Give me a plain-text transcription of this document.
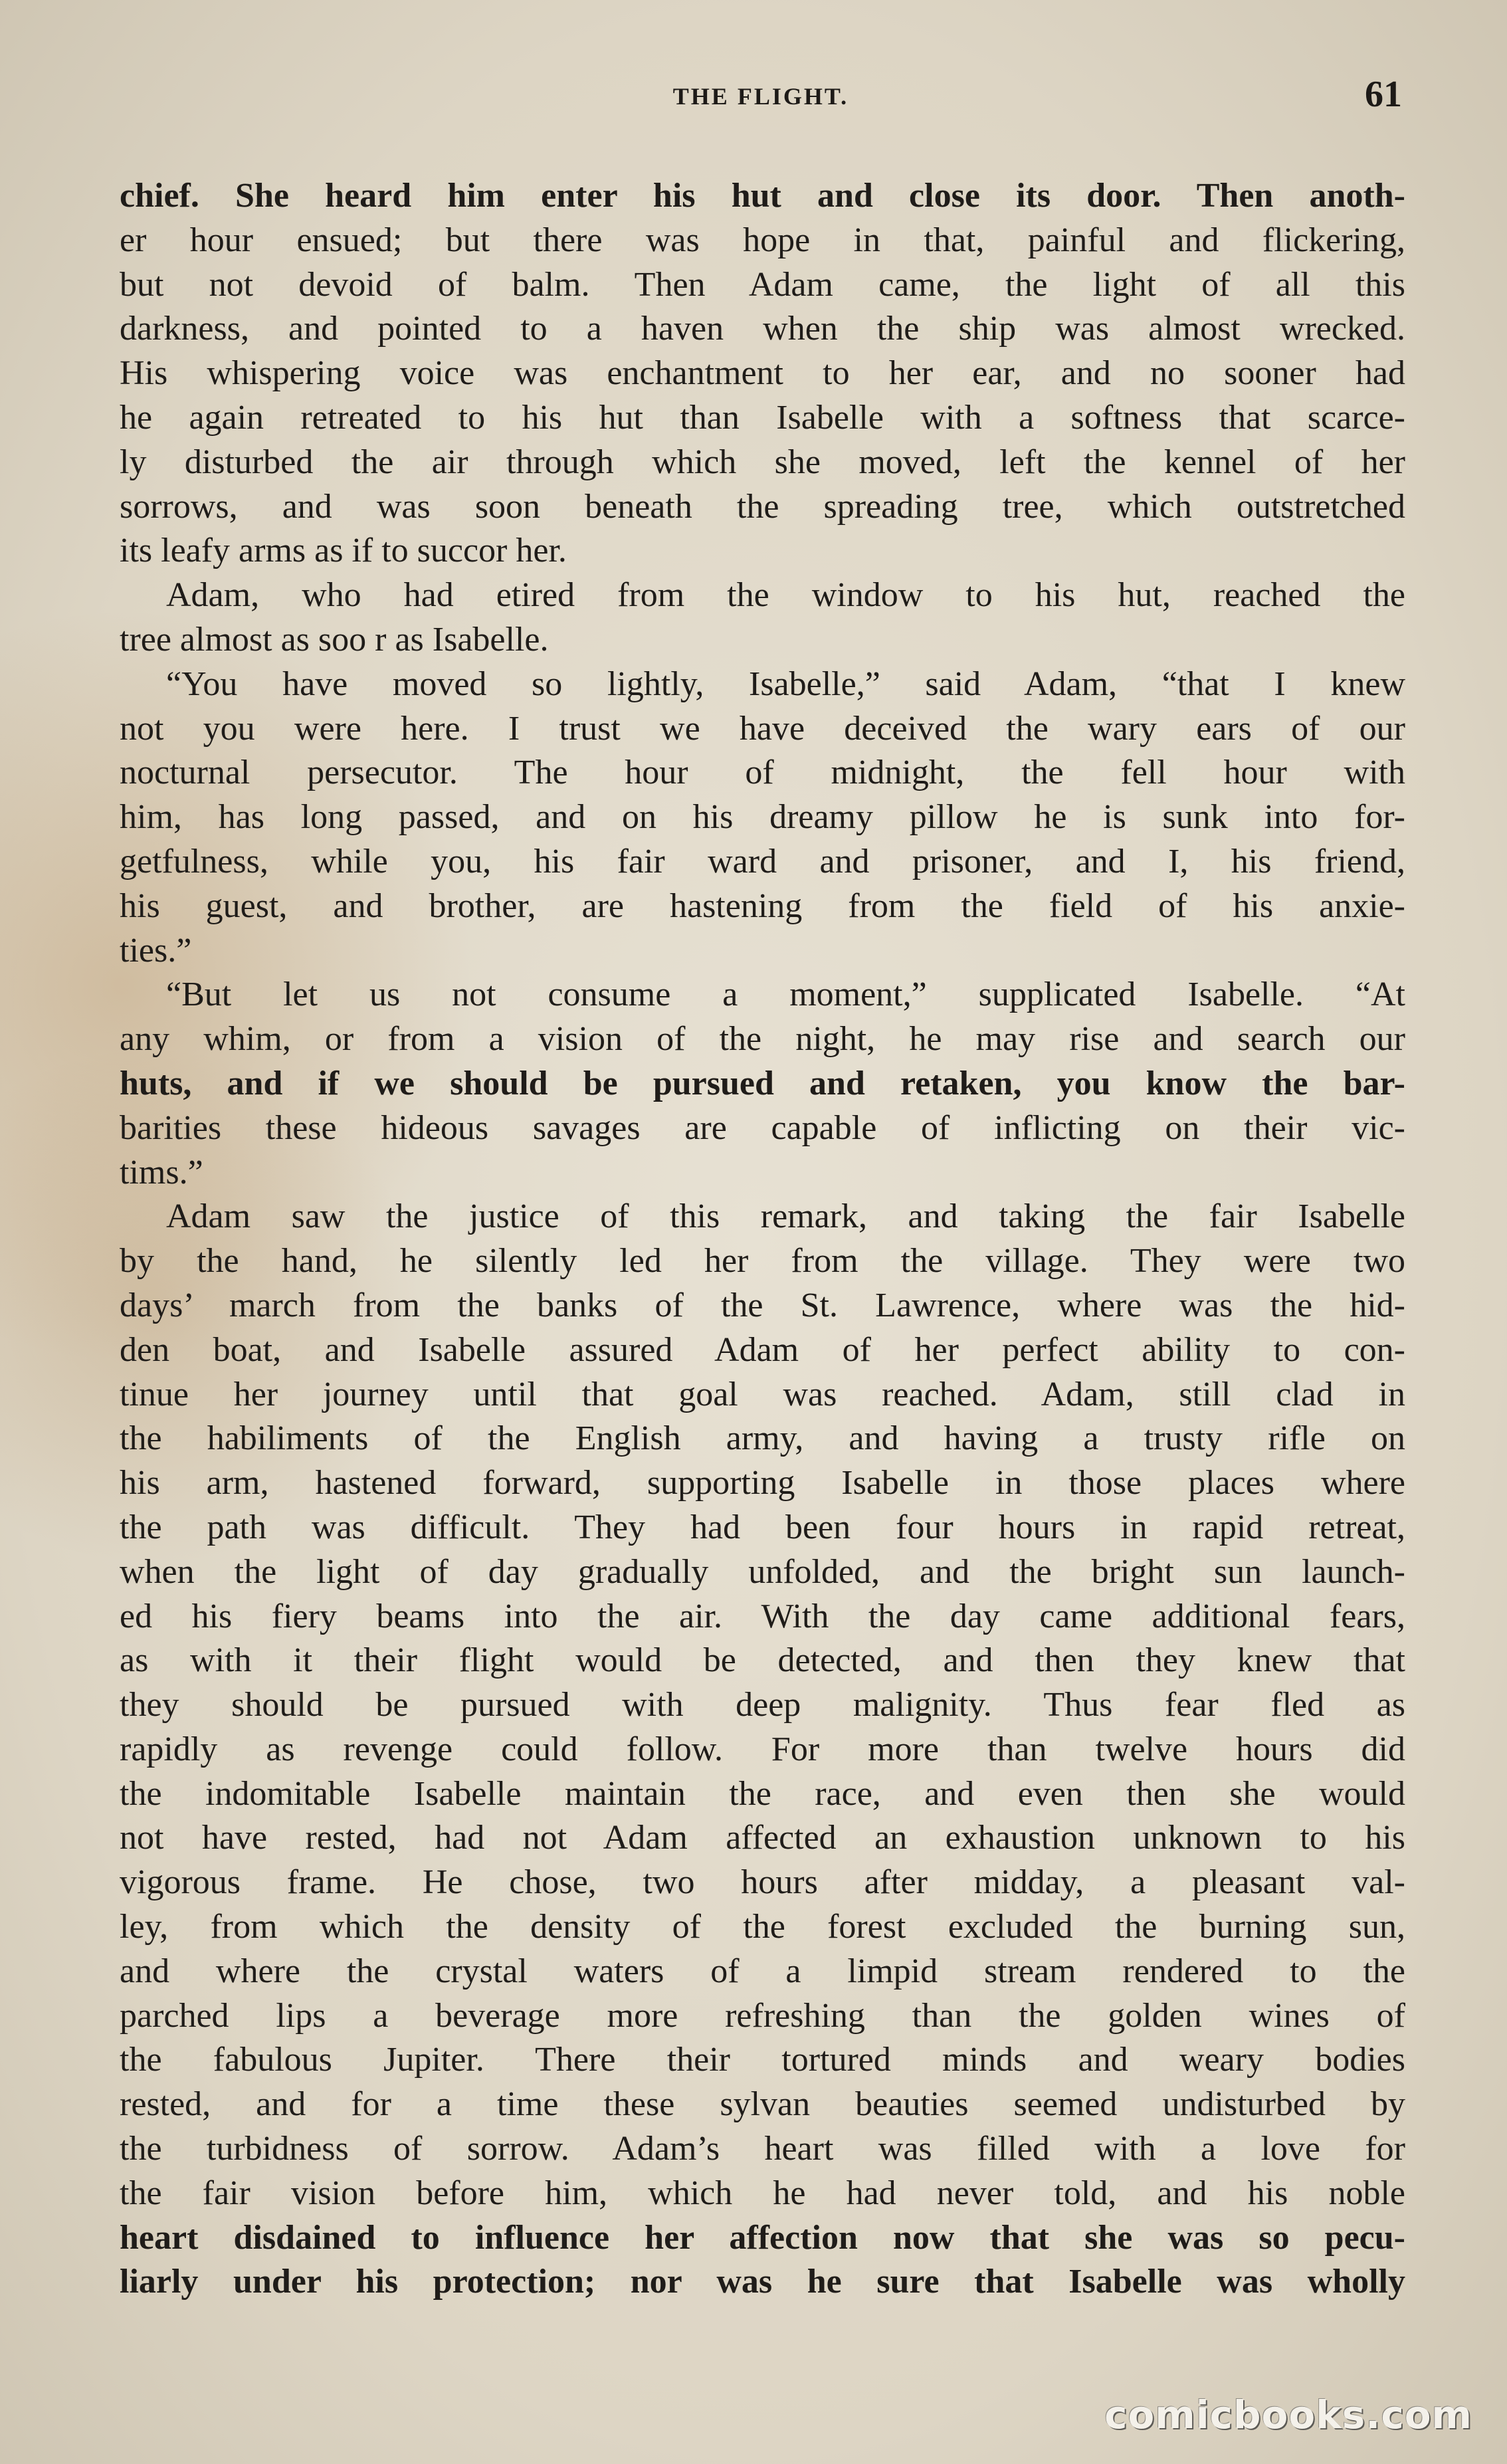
THE FLIGHT.	61
chief. She heard him enter his hut and close its door. Then anoth-
er hour ensued; but there was hope in that, painful and flickering,
but not devoid of balm. Then Adam came, the light of all this
darkness, and pointed to a haven when the ship was almost wrecked.
His whispering voice was enchantment to her ear, and no sooner had
he again retreated to his hut than Isabelle with a softness that scarce-
ly disturbed the air through which she moved, left the kennel of her
sorrows, and was soon beneath the spreading tree, which outstretched
its leafy arms as if to succor her.
Adam, who had etired from the window to his hut, reached the
tree almost as soo r as Isabelle.
“You have moved so lightly, Isabelle,” said Adam, “that I knew
not you were here. I trust we have deceived the wary ears of our
nocturnal persecutor. The hour of midnight, the fell hour with
him, has long passed, and on his dreamy pillow he is sunk into for-
getfulness, while you, his fair ward and prisoner, and I, his friend,
his guest, and brother, are hastening from the field of his anxie-
ties.”
“But let us not consume a moment,” supplicated Isabelle. “At
any whim, or from a vision of the night, he may rise and search our
huts, and if we should be pursued and retaken, you know the bar-
barities these hideous savages are capable of inflicting on their vic-
tims.”
Adam saw the justice of this remark, and taking the fair Isabelle
by the hand, he silently led her from the village. They were two
days’ march from the banks of the St. Lawrence, where was the hid-
den boat, and Isabelle assured Adam of her perfect ability to con-
tinue her journey until that goal was reached. Adam, still clad in
the habiliments of the English army, and having a trusty rifle on
his arm, hastened forward, supporting Isabelle in those places where
the path was difficult. They had been four hours in rapid retreat,
when the light of day gradually unfolded, and the bright sun launch-
ed his fiery beams into the air. With the day came additional fears,
as with it their flight would be detected, and then they knew that
they should be pursued with deep malignity. Thus fear fled as
rapidly as revenge could follow. For more than twelve hours did
the indomitable Isabelle maintain the race, and even then she would
not have rested, had not Adam affected an exhaustion unknown to his
vigorous frame. He chose, two hours after midday, a pleasant val-
ley, from which the density of the forest excluded the burning sun,
and where the crystal waters of a limpid stream rendered to the
parched lips a beverage more refreshing than the golden wines of
the fabulous Jupiter. There their tortured minds and weary bodies
rested, and for a time these sylvan beauties seemed undisturbed by
the turbidness of sorrow. Adam’s heart was filled with a love for
the fair vision before him, which he had never told, and his noble
heart disdained to influence her affection now that she was so pecu-
liarly under his protection; nor was he sure that Isabelle was wholly
comicbooks.com
